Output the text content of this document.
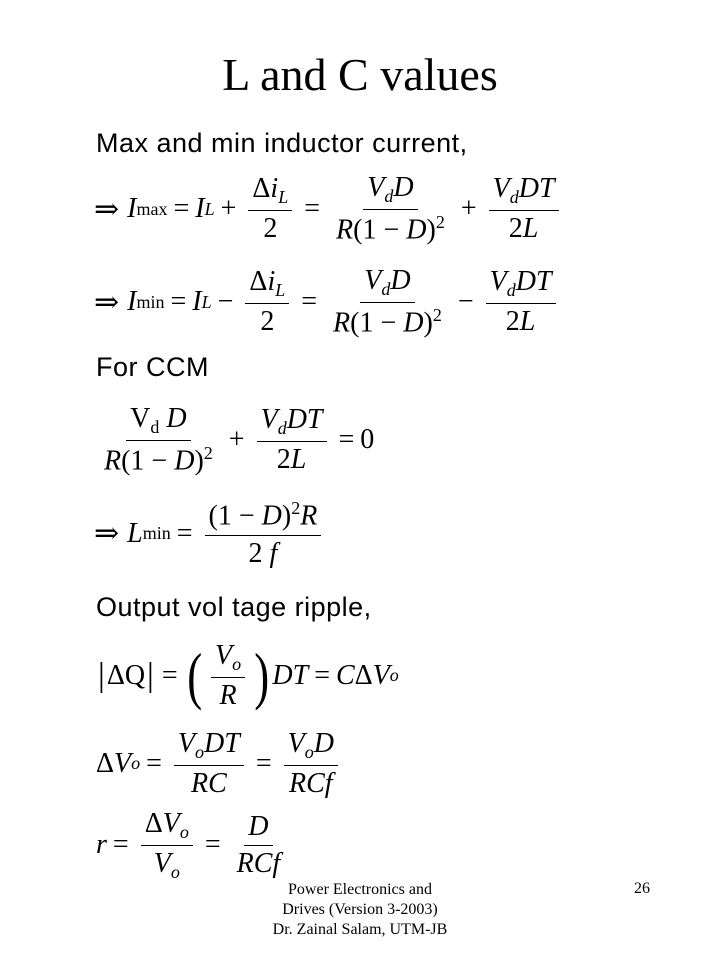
L and C values
Max and min inductor current,
⇒ I max = I $L + \frac{\Delta i_L}{2} = \frac{V_dD}{R(1 - D)^2} + \frac{V_dDT}{2L}$
⇒ I min = I $L - \frac{\Delta i_L}{2} = \frac{V_dD}{R(1 - D)^2} - \frac{V_dDT}{2L}$
For CCM
$\frac{V_d D}{R(1 - D)^2} + \frac{V_dDT}{2L} = 0$
⇒ L $\min = \frac{(1 - D)^2R}{2 f}$
Output vol tage ripple,
| ΔQ | = ( $\frac{V_o}{R}$ ) DT = C Δ V o
Δ V $o = \frac{V_oDT}{RC} = \frac{V_oD}{\text{RCf}}$
$r = \frac{\Delta V_o}{V_o} = \frac{D}{\text{RCf}}$
Power Electronics and
Drives (Version 3-2003)
Dr. Zainal Salam, UTM-JB
26
